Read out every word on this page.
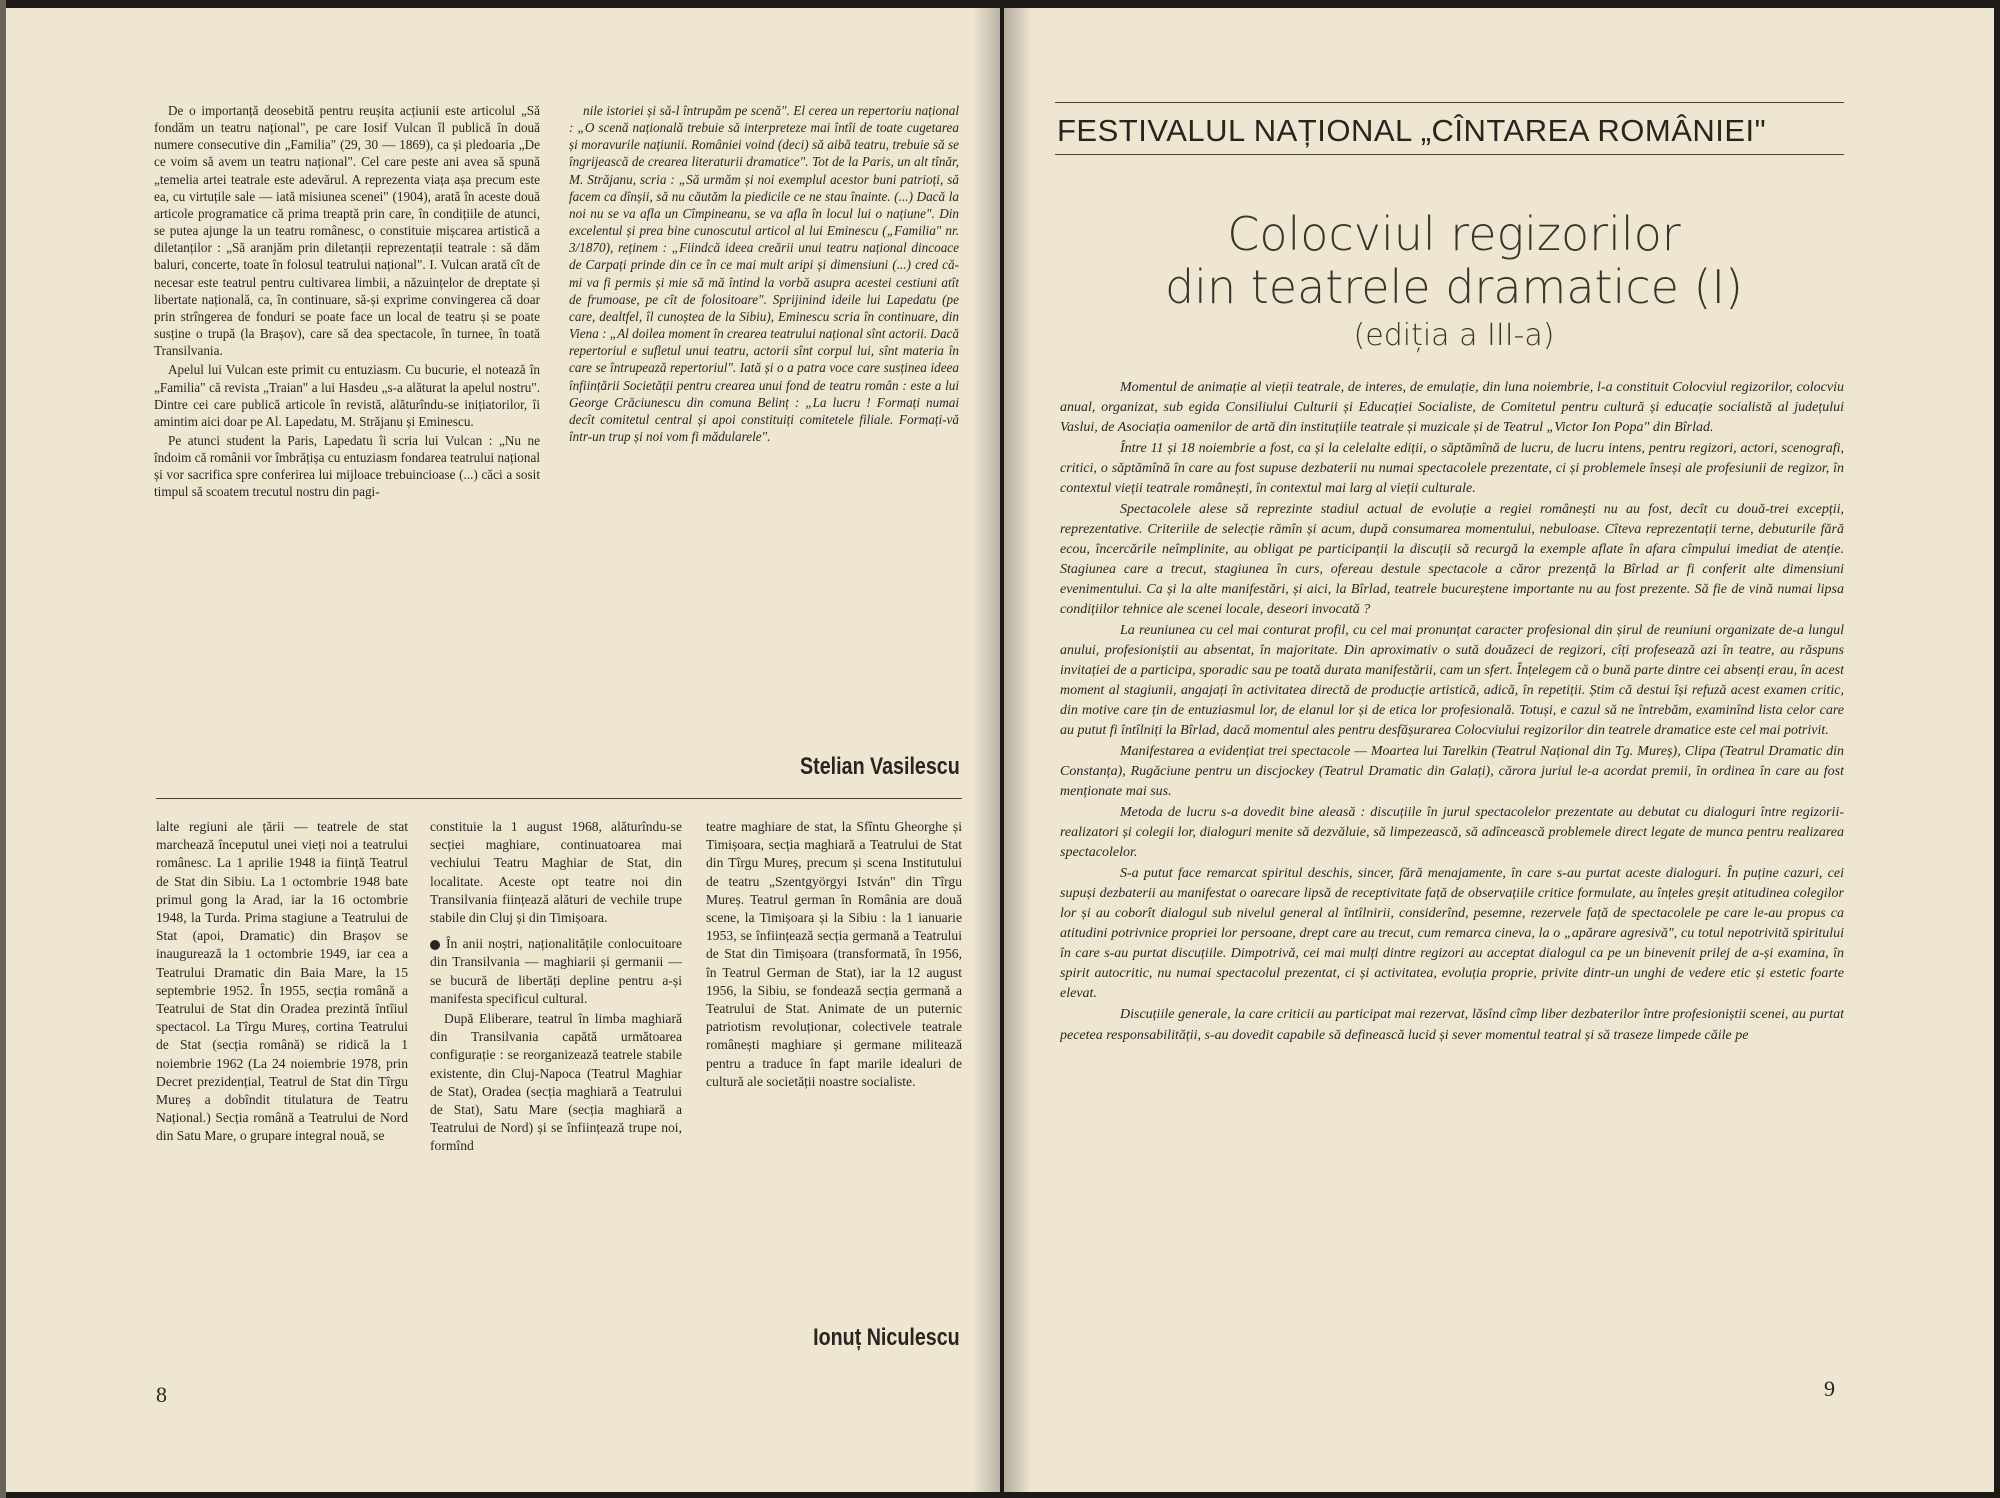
De o importanță deosebită pentru reușita acțiunii este articolul „Să fondăm un teatru național", pe care Iosif Vulcan îl publică în două numere consecutive din „Familia" (29, 30 — 1869), ca și pledoaria „De ce voim să avem un teatru național". Cel care peste ani avea să spună „temelia artei teatrale este adevărul. A reprezenta viața așa precum este ea, cu virtuțile sale — iată misiunea scenei" (1904), arată în aceste două articole programatice că prima treaptă prin care, în condițiile de atunci, se putea ajunge la un teatru românesc, o constituie mișcarea artistică a diletanților : „Să aranjăm prin diletanții reprezentații teatrale : să dăm baluri, concerte, toate în folosul teatrului național". I. Vulcan arată cît de necesar este teatrul pentru cultivarea limbii, a năzuințelor de dreptate și libertate națională, ca, în continuare, să-și exprime convingerea că doar prin strîngerea de fonduri se poate face un local de teatru și se poate susține o trupă (la Brașov), care să dea spectacole, în turnee, în toată Transilvania.

Apelul lui Vulcan este primit cu entuziasm. Cu bucurie, el notează în „Familia" că revista „Traian" a lui Hasdeu „s-a alăturat la apelul nostru". Dintre cei care publică articole în revistă, alăturîndu-se inițiatorilor, îi amintim aici doar pe Al. Lapedatu, M. Străjanu și Eminescu.

Pe atunci student la Paris, Lapedatu îi scria lui Vulcan : „Nu ne îndoim că românii vor îmbrățișa cu entuziasm fondarea teatrului național și vor sacrifica spre conferirea lui mijloace trebuincioase (...) căci a sosit timpul să scoatem trecutul nostru din pagi-

nile istoriei și să-l întrupăm pe scenă". El cerea un repertoriu național : „O scenă națională trebuie să interpreteze mai întîi de toate cugetarea și moravurile națiunii. României voind (deci) să aibă teatru, trebuie să se îngrijească de crearea literaturii dramatice". Tot de la Paris, un alt tînăr, M. Străjanu, scria : „Să urmăm și noi exemplul acestor buni patrioți, să facem ca dînșii, să nu căutăm la piedicile ce ne stau înainte. (...) Dacă la noi nu se va afla un Cîmpineanu, se va afla în locul lui o națiune". Din excelentul și prea bine cunoscutul articol al lui Eminescu („Familia" nr. 3/1870), reținem : „Fiindcă ideea creării unui teatru național dincoace de Carpați prinde din ce în ce mai mult aripi și dimensiuni (...) cred că-mi va fi permis și mie să mă întind la vorbă asupra acestei cestiuni atît de frumoase, pe cît de folositoare". Sprijinind ideile lui Lapedatu (pe care, dealtfel, îl cunoștea de la Sibiu), Eminescu scria în continuare, din Viena : „Al doilea moment în crearea teatrului național sînt actorii. Dacă repertoriul e sufletul unui teatru, actorii sînt corpul lui, sînt materia în care se întrupează repertoriul". Iată și o a patra voce care susținea ideea înființării Societății pentru crearea unui fond de teatru român : este a lui George Crăciunescu din comuna Belinț : „La lucru ! Formați numai decît comitetul central și apoi constituiți comitetele filiale. Formați-vă într-un trup și noi vom fi mădularele".

Stelian Vasilescu

lalte regiuni ale țării — teatrele de stat marchează începutul unei vieți noi a teatrului românesc. La 1 aprilie 1948 ia ființă Teatrul de Stat din Sibiu. La 1 octombrie 1948 bate primul gong la Arad, iar la 16 octombrie 1948, la Turda. Prima stagiune a Teatrului de Stat (apoi, Dramatic) din Brașov se inaugurează la 1 octombrie 1949, iar cea a Teatrului Dramatic din Baia Mare, la 15 septembrie 1952. În 1955, secția română a Teatrului de Stat din Oradea prezintă întîiul spectacol. La Tîrgu Mureș, cortina Teatrului de Stat (secția română) se ridică la 1 noiembrie 1962 (La 24 noiembrie 1978, prin Decret prezidențial, Teatrul de Stat din Tîrgu Mureș a dobîndit titulatura de Teatru Național.) Secția română a Teatrului de Nord din Satu Mare, o grupare integral nouă, se

constituie la 1 august 1968, alăturîndu-se secției maghiare, continuatoarea mai vechiului Teatru Maghiar de Stat, din localitate. Aceste opt teatre noi din Transilvania ființează alături de vechile trupe stabile din Cluj și din Timișoara.

În anii noștri, naționalitățile conlocuitoare din Transilvania — maghiarii și germanii — se bucură de libertăți depline pentru a-și manifesta specificul cultural.

După Eliberare, teatrul în limba maghiară din Transilvania capătă următoarea configurație : se reorganizează teatrele stabile existente, din Cluj-Napoca (Teatrul Maghiar de Stat), Oradea (secția maghiară a Teatrului de Stat), Satu Mare (secția maghiară a Teatrului de Nord) și se înființează trupe noi, formînd

teatre maghiare de stat, la Sfîntu Gheorghe și Timișoara, secția maghiară a Teatrului de Stat din Tîrgu Mureș, precum și scena Institutului de teatru „Szentgyörgyi István" din Tîrgu Mureș. Teatrul german în România are două scene, la Timișoara și la Sibiu : la 1 ianuarie 1953, se înființează secția germană a Teatrului de Stat din Timișoara (transformată, în 1956, în Teatrul German de Stat), iar la 12 august 1956, la Sibiu, se fondează secția germană a Teatrului de Stat. Animate de un puternic patriotism revoluționar, colectivele teatrale românești maghiare și germane militează pentru a traduce în fapt marile idealuri de cultură ale societății noastre socialiste.

Ionuț Niculescu
8
FESTIVALUL NAȚIONAL „CÎNTAREA ROMÂNIEI"
Colocviul regizorilor
din teatrele dramatice (I)
(ediția a III-a)

Momentul de animație al vieții teatrale, de interes, de emulație, din luna noiembrie, l-a constituit Colocviul regizorilor, colocviu anual, organizat, sub egida Consiliului Culturii și Educației Socialiste, de Comitetul pentru cultură și educație socialistă al județului Vaslui, de Asociația oamenilor de artă din instituțiile teatrale și muzicale și de Teatrul „Victor Ion Popa" din Bîrlad.

Între 11 și 18 noiembrie a fost, ca și la celelalte ediții, o săptămînă de lucru, de lucru intens, pentru regizori, actori, scenografi, critici, o săptămînă în care au fost supuse dezbaterii nu numai spectacolele prezentate, ci și problemele înseși ale profesiunii de regizor, în contextul vieții teatrale românești, în contextul mai larg al vieții culturale.

Spectacolele alese să reprezinte stadiul actual de evoluție a regiei românești nu au fost, decît cu două-trei excepții, reprezentative. Criteriile de selecție rămîn și acum, după consumarea momentului, nebuloase. Cîteva reprezentații terne, debuturile fără ecou, încercările neîmplinite, au obligat pe participanții la discuții să recurgă la exemple aflate în afara cîmpului imediat de atenție. Stagiunea care a trecut, stagiunea în curs, ofereau destule spectacole a căror prezență la Bîrlad ar fi conferit alte dimensiuni evenimentului. Ca și la alte manifestări, și aici, la Bîrlad, teatrele bucureștene importante nu au fost prezente. Să fie de vină numai lipsa condițiilor tehnice ale scenei locale, deseori invocată ?

La reuniunea cu cel mai conturat profil, cu cel mai pronunțat caracter profesional din șirul de reuniuni organizate de-a lungul anului, profesioniștii au absentat, în majoritate. Din aproximativ o sută douăzeci de regizori, cîți profesează azi în teatre, au răspuns invitației de a participa, sporadic sau pe toată durata manifestării, cam un sfert. Înțelegem că o bună parte dintre cei absenți erau, în acest moment al stagiunii, angajați în activitatea directă de producție artistică, adică, în repetiții. Știm că destui își refuză acest examen critic, din motive care țin de entuziasmul lor, de elanul lor și de etica lor profesională. Totuși, e cazul să ne întrebăm, examinînd lista celor care au putut fi întîlniți la Bîrlad, dacă momentul ales pentru desfășurarea Colocviului regizorilor din teatrele dramatice este cel mai potrivit.

Manifestarea a evidențiat trei spectacole — Moartea lui Tarelkin (Teatrul Național din Tg. Mureș), Clipa (Teatrul Dramatic din Constanța), Rugăciune pentru un discjockey (Teatrul Dramatic din Galați), cărora juriul le-a acordat premii, în ordinea în care au fost menționate mai sus.

Metoda de lucru s-a dovedit bine aleasă : discuțiile în jurul spectacolelor prezentate au debutat cu dialoguri între regizorii-realizatori și colegii lor, dialoguri menite să dezvăluie, să limpezească, să adîncească problemele direct legate de munca pentru realizarea spectacolelor.

S-a putut face remarcat spiritul deschis, sincer, fără menajamente, în care s-au purtat aceste dialoguri. În puține cazuri, cei supuși dezbaterii au manifestat o oarecare lipsă de receptivitate față de observațiile critice formulate, au înțeles greșit atitudinea colegilor lor și au coborît dialogul sub nivelul general al întîlnirii, considerînd, pesemne, rezervele față de spectacolele pe care le-au propus ca atitudini potrivnice propriei lor persoane, drept care au trecut, cum remarca cineva, la o „apărare agresivă", cu totul nepotrivită spiritului în care s-au purtat discuțiile. Dimpotrivă, cei mai mulți dintre regizori au acceptat dialogul ca pe un binevenit prilej de a-și examina, în spirit autocritic, nu numai spectacolul prezentat, ci și activitatea, evoluția proprie, privite dintr-un unghi de vedere etic și estetic foarte elevat.

Discuțiile generale, la care criticii au participat mai rezervat, lăsînd cîmp liber dezbaterilor între profesioniștii scenei, au purtat pecetea responsabilității, s-au dovedit capabile să definească lucid și sever momentul teatral și să traseze limpede căile pe

9
